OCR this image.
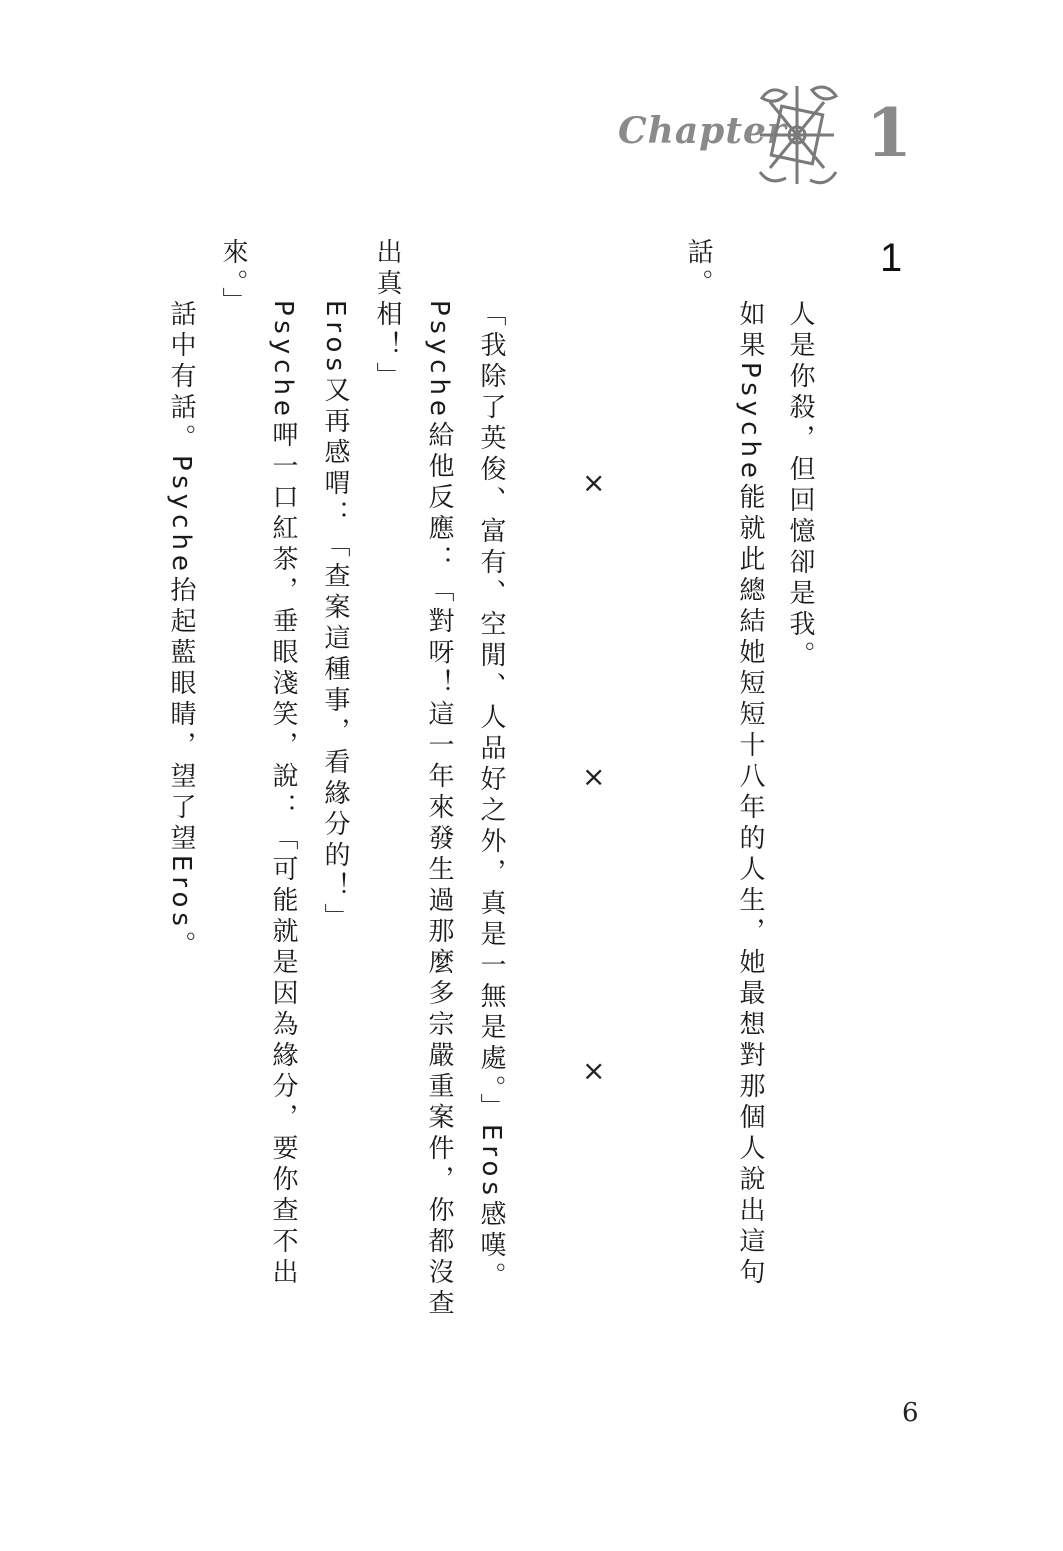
Chapter 1
1
人是你殺，但回憶卻是我。
如果Psyche能就此總結她短短十八年的人生，她最想對那個人說出這句
話。
×
×
×
「我除了英俊、富有、空閒、人品好之外，真是一無是處。」Eros感嘆。
Psyche給他反應：「對呀！這一年來發生過那麼多宗嚴重案件，你都沒查
出真相！」
Eros又再感喟：「查案這種事，看緣分的！」
Psyche呷一口紅茶，垂眼淺笑，說：「可能就是因為緣分，要你查不出
來。」
話中有話。Psyche抬起藍眼睛，望了望Eros。
6
